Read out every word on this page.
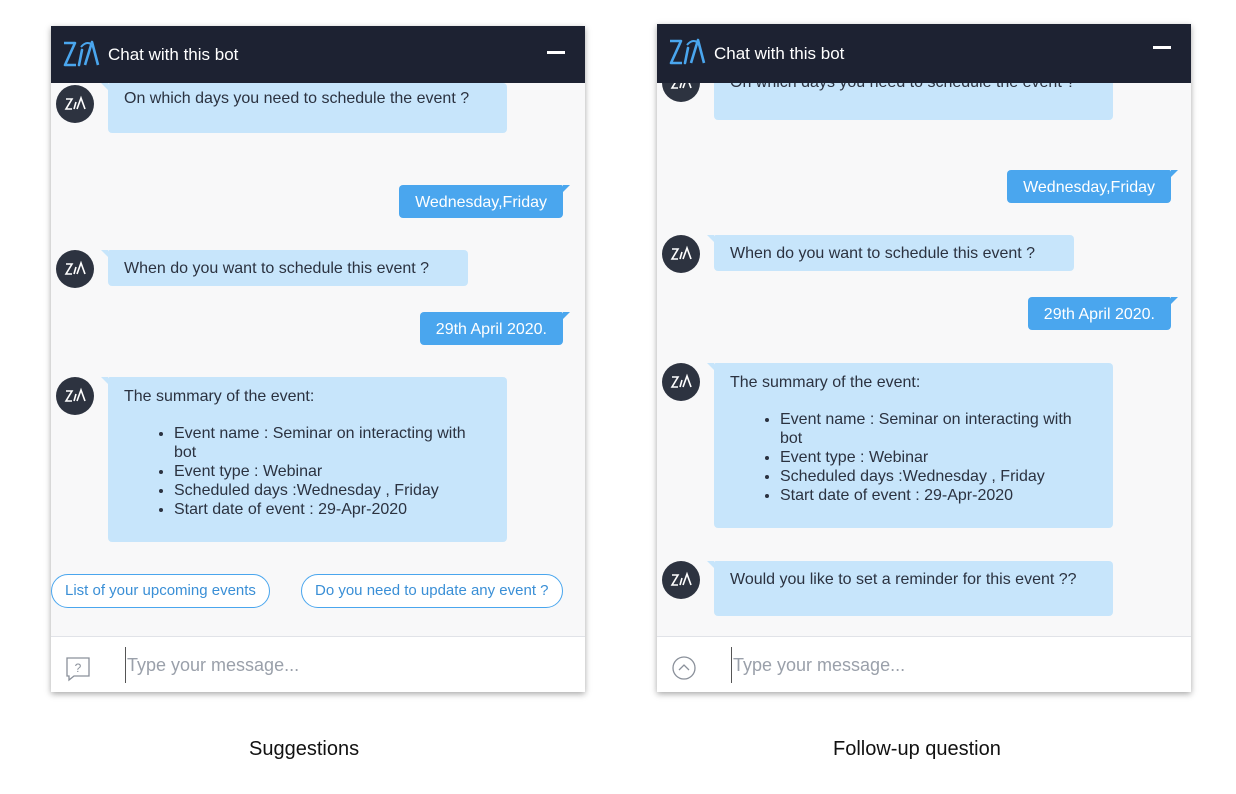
Chat with this bot
On which days you need to schedule the event ?
Wednesday,Friday
When do you want to schedule this event ?
29th April 2020.
The summary of the event:
• Event name : Seminar on interacting with bot
• Event type : Webinar
• Scheduled days :Wednesday , Friday
• Start date of event : 29-Apr-2020
List of your upcoming events	Do you need to update any event ?
?
Type your message...
Chat with this bot
Wednesday,Friday
When do you want to schedule this event ?
29th April 2020.
The summary of the event:
• Event name : Seminar on interacting with bot
• Event type : Webinar
• Scheduled days :Wednesday , Friday
• Start date of event : 29-Apr-2020
Would you like to set a reminder for this event ??
Type your message...
Suggestions	Follow-up question
